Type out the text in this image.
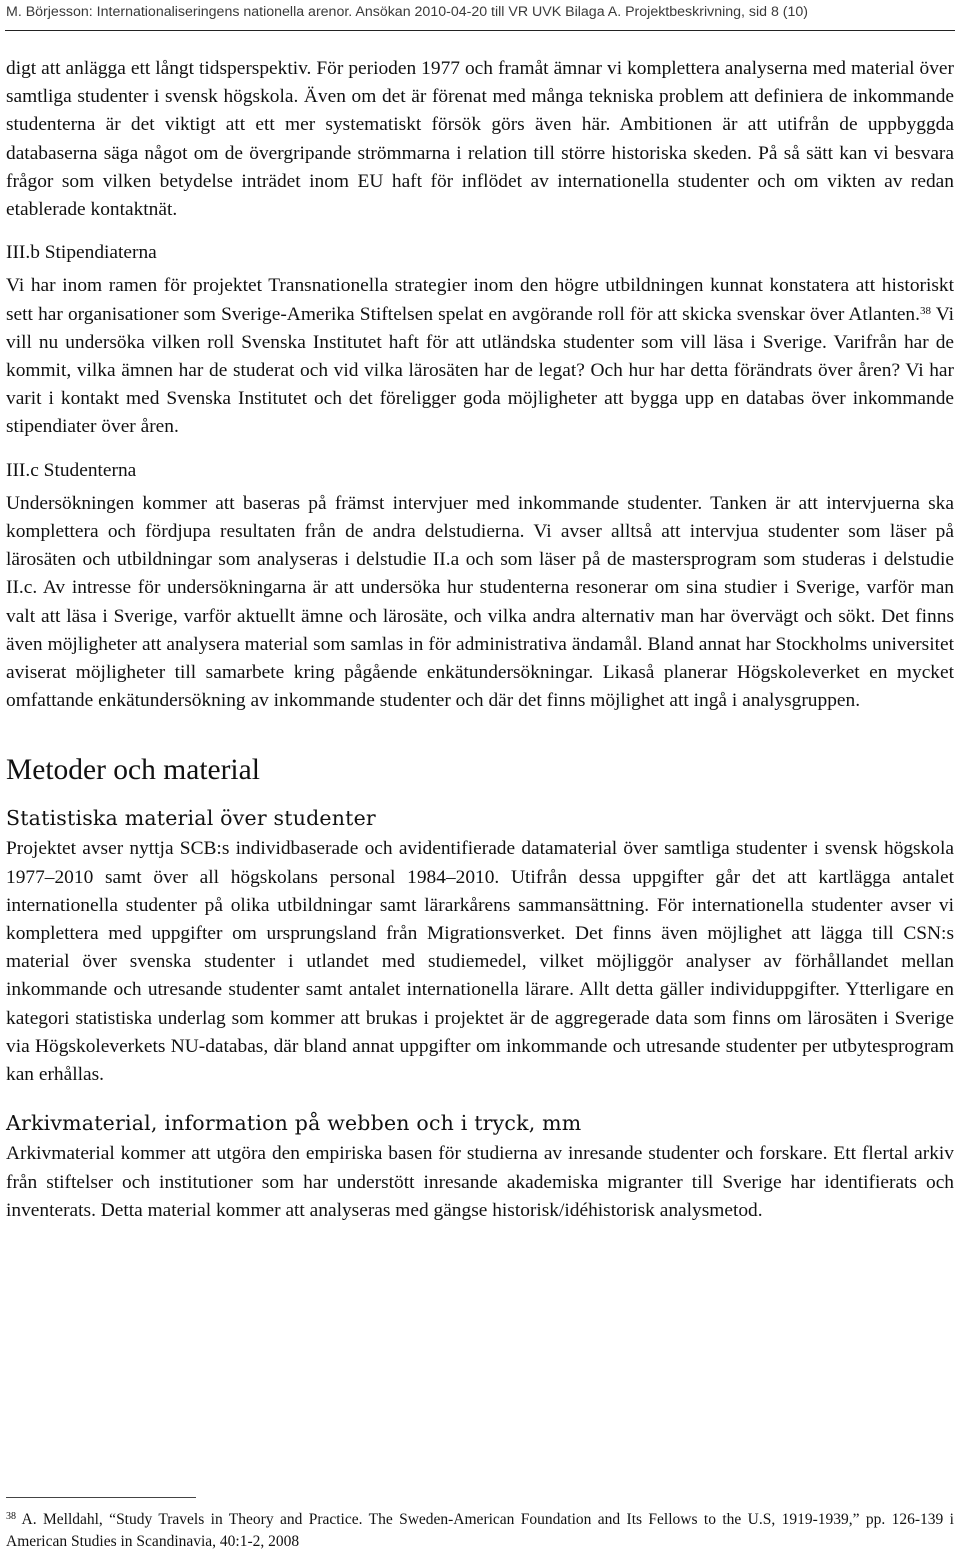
M. Börjesson: Internationaliseringens nationella arenor. Ansökan 2010-04-20 till VR UVK Bilaga A. Projektbeskrivning, sid 8 (10)

digt att anlägga ett långt tidsperspektiv. För perioden 1977 och framåt ämnar vi komplettera analyserna med material över samtliga studenter i svensk högskola. Även om det är förenat med många tekniska problem att definiera de inkommande studenterna är det viktigt att ett mer systematiskt försök görs även här. Ambitionen är att utifrån de uppbyggda databaserna säga något om de övergripande strömmarna i relation till större historiska skeden. På så sätt kan vi besvara frågor som vilken betydelse inträdet inom EU haft för inflödet av internationella studenter och om vikten av redan etablerade kontaktnät.

III.b Stipendiaterna

Vi har inom ramen för projektet Transnationella strategier inom den högre utbildningen kunnat konstatera att historiskt sett har organisationer som Sverige-Amerika Stiftelsen spelat en avgörande roll för att skicka svenskar över Atlanten.$^{38}$ Vi vill nu undersöka vilken roll Svenska Institutet haft för att utländska studenter som vill läsa i Sverige. Varifrån har de kommit, vilka ämnen har de studerat och vid vilka lärosäten har de legat? Och hur har detta förändrats över åren? Vi har varit i kontakt med Svenska Institutet och det föreligger goda möjligheter att bygga upp en databas över inkommande stipendiater över åren.

III.c Studenterna

Undersökningen kommer att baseras på främst intervjuer med inkommande studenter. Tanken är att intervjuerna ska komplettera och fördjupa resultaten från de andra delstudierna. Vi avser alltså att intervjua studenter som läser på lärosäten och utbildningar som analyseras i delstudie II.a och som läser på de mastersprogram som studeras i delstudie II.c. Av intresse för undersökningarna är att undersöka hur studenterna resonerar om sina studier i Sverige, varför man valt att läsa i Sverige, varför aktuellt ämne och lärosäte, och vilka andra alternativ man har övervägt och sökt. Det finns även möjligheter att analysera material som samlas in för administrativa ändamål. Bland annat har Stockholms universitet aviserat möjligheter till samarbete kring pågående enkätundersökningar. Likaså planerar Högskoleverket en mycket omfattande enkätundersökning av inkommande studenter och där det finns möjlighet att ingå i analysgruppen.

Metoder och material
Statistiska material över studenter

Projektet avser nyttja SCB:s individbaserade och avidentifierade datamaterial över samtliga studenter i svensk högskola 1977–2010 samt över all högskolans personal 1984–2010. Utifrån dessa uppgifter går det att kartlägga antalet internationella studenter på olika utbildningar samt lärarkårens sammansättning. För internationella studenter avser vi komplettera med uppgifter om ursprungsland från Migrationsverket. Det finns även möjlighet att lägga till CSN:s material över svenska studenter i utlandet med studiemedel, vilket möjliggör analyser av förhållandet mellan inkommande och utresande studenter samt antalet internationella lärare. Allt detta gäller individuppgifter. Ytterligare en kategori statistiska underlag som kommer att brukas i projektet är de aggregerade data som finns om lärosäten i Sverige via Högskoleverkets NU-databas, där bland annat uppgifter om inkommande och utresande studenter per utbytesprogram kan erhållas.

Arkivmaterial, information på webben och i tryck, mm

Arkivmaterial kommer att utgöra den empiriska basen för studierna av inresande studenter och forskare. Ett flertal arkiv från stiftelser och institutioner som har understött inresande akademiska migranter till Sverige har identifierats och inventerats. Detta material kommer att analyseras med gängse historisk/idéhistorisk analysmetod.

$^{38}$ A. Melldahl, “Study Travels in Theory and Practice. The Sweden-American Foundation and Its Fellows to the U.S, 1919-1939,” pp. 126-139 i American Studies in Scandinavia, 40:1-2, 2008
